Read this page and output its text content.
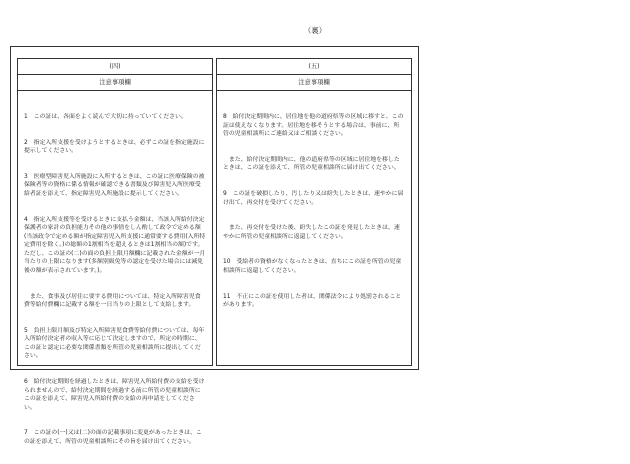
（裏）
(四)
注意事項欄

1　この証は、各面をよく読んで大切に持っていてください。

2　指定入所支援を受けようとするときは、必ずこの証を指定施設に提示してください。

3　医療型障害児入所施設に入所するときは、この証に医療保険の被保険者等の資格に係る情報が確認できる書類及び障害児入所医療受給者証を添えて、指定障害児入所施設に提示してください。

4　指定入所支援等を受けるときに支払う金額は、当該入所給付決定保護者の家計の負担能力その他の事情をしん酌して政令で定める額(当該政令で定める額が指定障害児入所支援に通常要する費用(入所特定費用を除く。)の総額の1割相当を超えるときは1割相当の額)です。ただし、この証の(二)の面の負担上限月額欄に記載された金額が一月当たりの上限になります(多額別級免等の認定を受けた場合には減免後の額が表示されています。)。

　また、食事及び居住に要する費用については、特定入所障害児食費等給付費欄に記載する額を一日当りの上限として支給します。

5　負担上限月額及び特定入所障害児食費等給付費については、毎年入所給付決定者の収入等に応じて決定しますので、所定の時期に、この証と認定に必要な関係書類を所管の児童相談所に提出してください。

6　給付決定期間を経過したときは、障害児入所給付費の支給を受けられませんので、給付決定期間を経過する前に所管の児童相談所にこの証を添えて、障害児入所給付費の支給の再申請をしてください。

7　この証の(一)又は(二)の面の記載事項に変更があったときは、この証を添えて、所管の児童相談所にその旨を届け出てください。

(五)
注意事項欄

8　給付決定期間内に、居住地を他の道府県等の区域に移すと、この証は使えなくなります。居住地を移そうとする場合は、事前に、所管の児童相談所にご連絡又はご相談ください。

　また、給付決定期間内に、他の道府県等の区域に居住地を移したときは、この証を添えて、所管の児童相談所に届け出てください。

9　この証を破損したり、汚したり又は紛失したときは、速やかに届け出て、再交付を受けてください。

　また、再交付を受けた後、紛失したこの証を発見したときは、速やかに所管の児童相談所に返還してください。

10　受給者の資格がなくなったときは、直ちにこの証を所管の児童相談所に返還してください。

11　不正にこの証を使用した者は、関係法令により処罰されることがあります。
